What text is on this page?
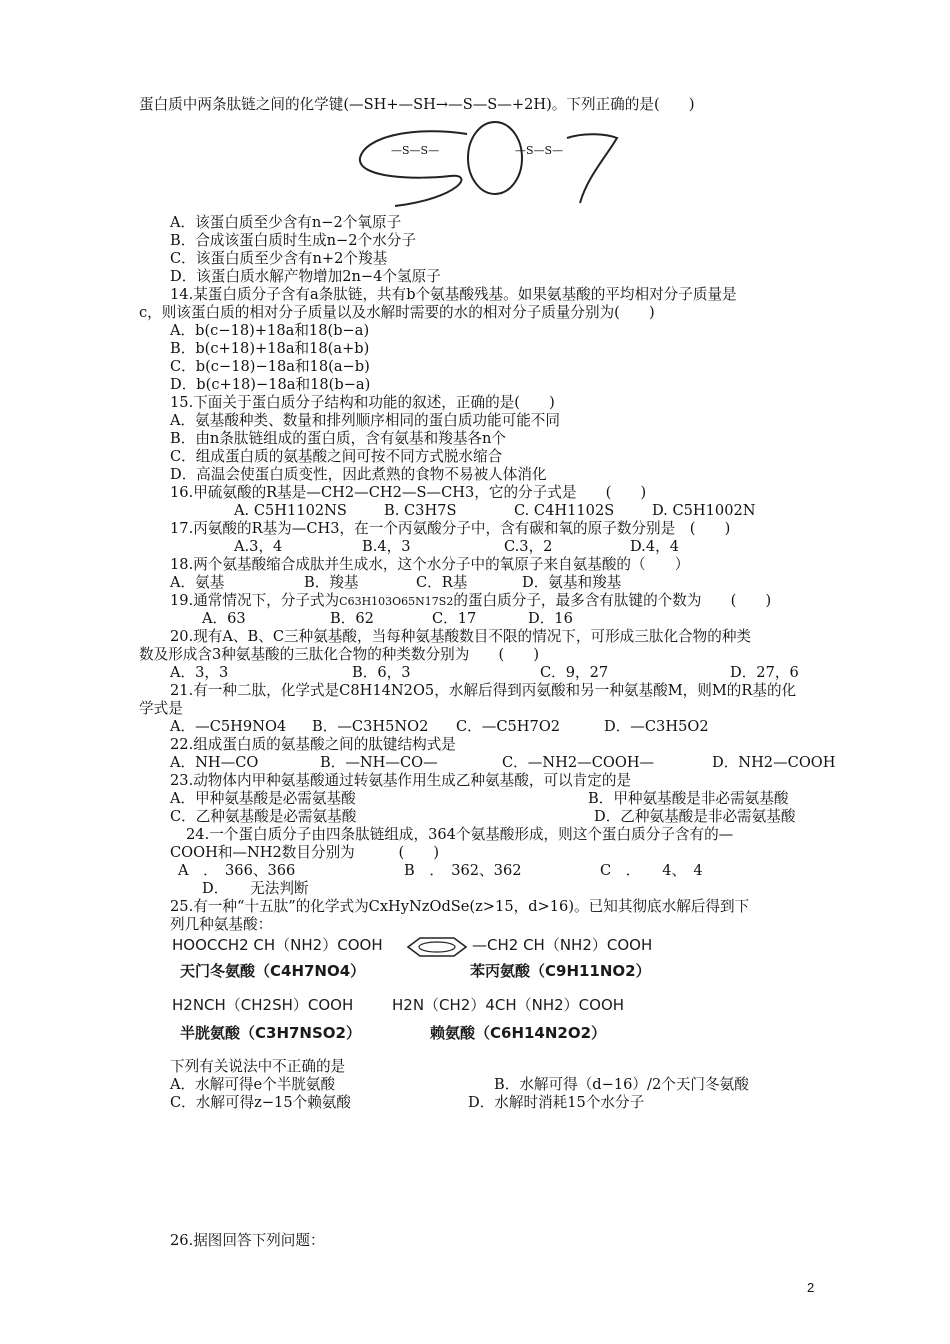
蛋白质中两条肽链之间的化学键(—SH+—SH→—S—S—+2H)。下列正确的是(　　)
—S—S—	—S—S—
A．该蛋白质至少含有n−2个氧原子
B．合成该蛋白质时生成n−2个水分子
C．该蛋白质至少含有n+2个羧基
D．该蛋白质水解产物增加2n−4个氢原子
14.某蛋白质分子含有a条肽链，共有b个氨基酸残基。如果氨基酸的平均相对分子质量是
c，则该蛋白质的相对分子质量以及水解时需要的水的相对分子质量分别为(　　)
A．b(c−18)+18a和18(b−a)
B．b(c+18)+18a和18(a+b)
C．b(c−18)−18a和18(a−b)
D．b(c+18)−18a和18(b−a)
15.下面关于蛋白质分子结构和功能的叙述，正确的是(　　)
A．氨基酸种类、数量和排列顺序相同的蛋白质功能可能不同
B．由n条肽链组成的蛋白质，含有氨基和羧基各n个
C．组成蛋白质的氨基酸之间可按不同方式脱水缩合
D．高温会使蛋白质变性，因此煮熟的食物不易被人体消化
16.甲硫氨酸的R基是—CH2—CH2—S—CH3，它的分子式是　　(　　)

A. C5H1102NS

	B. C3H7S

	C. C4H1102S

	D. C5H1002N

17.丙氨酸的R基为—CH3，在一个丙氨酸分子中，含有碳和氧的原子数分别是　(　　)

A.3，4

	B.4，3

	C.3，2

	D.4，4

18.两个氨基酸缩合成肽并生成水，这个水分子中的氧原子来自氨基酸的（　　）

A．氨基

	B．羧基

	C．R基

	D．氨基和羧基

19.通常情况下，分子式为C63H103O65N17S2的蛋白质分子，最多含有肽键的个数为　　(　　)

A．63

	B．62

	C．17

	D．16

20.现有A、B、C三种氨基酸，当每种氨基酸数目不限的情况下，可形成三肽化合物的种类
数及形成含3种氨基酸的三肽化合物的种类数分别为　　(　　)

A．3，3

	B．6，3

	C．9，27

	D．27，6

21.有一种二肽，化学式是C8H14N2O5，水解后得到丙氨酸和另一种氨基酸M，则M的R基的化
学式是

A．—C5H9NO4

B．—C3H5NO2

C．—C5H7O2

	D．—C3H5O2

22.组成蛋白质的氨基酸之间的肽键结构式是

A．NH—CO

	B．—NH—CO—

	C．—NH2—COOH—

	D．NH2—COOH

23.动物体内甲种氨基酸通过转氨基作用生成乙种氨基酸，可以肯定的是

A．甲种氨基酸是必需氨基酸

	B．甲种氨基酸是非必需氨基酸

C．乙种氨基酸是必需氨基酸

	D．乙种氨基酸是非必需氨基酸

24.一个蛋白质分子由四条肽链组成，364个氨基酸形成，则这个蛋白质分子含有的—
COOH和—NH2数目分别为　　　(　　)

A　．　366、366

	B　．　362、362

	C　．　　4、　4

D．　　无法判断
25.有一种“十五肽”的化学式为CxHyNzOdSe(z>15，d>16)。已知其彻底水解后得到下
列几种氨基酸：
HOOCCH2 CH（NH2）COOH
天门冬氨酸（C4H7NO4）
—CH2 CH（NH2）COOH
苯丙氨酸（C9H11NO2）
H2NCH（CH2SH）COOH
半胱氨酸（C3H7NSO2）
H2N（CH2）4CH（NH2）COOH
赖氨酸（C6H14N2O2）
下列有关说法中不正确的是

A．水解可得e个半胱氨酸

	B．水解可得（d−16）/2个天门冬氨酸

C．水解可得z−15个赖氨酸

	D．水解时消耗15个水分子

26.据图回答下列问题：
2
